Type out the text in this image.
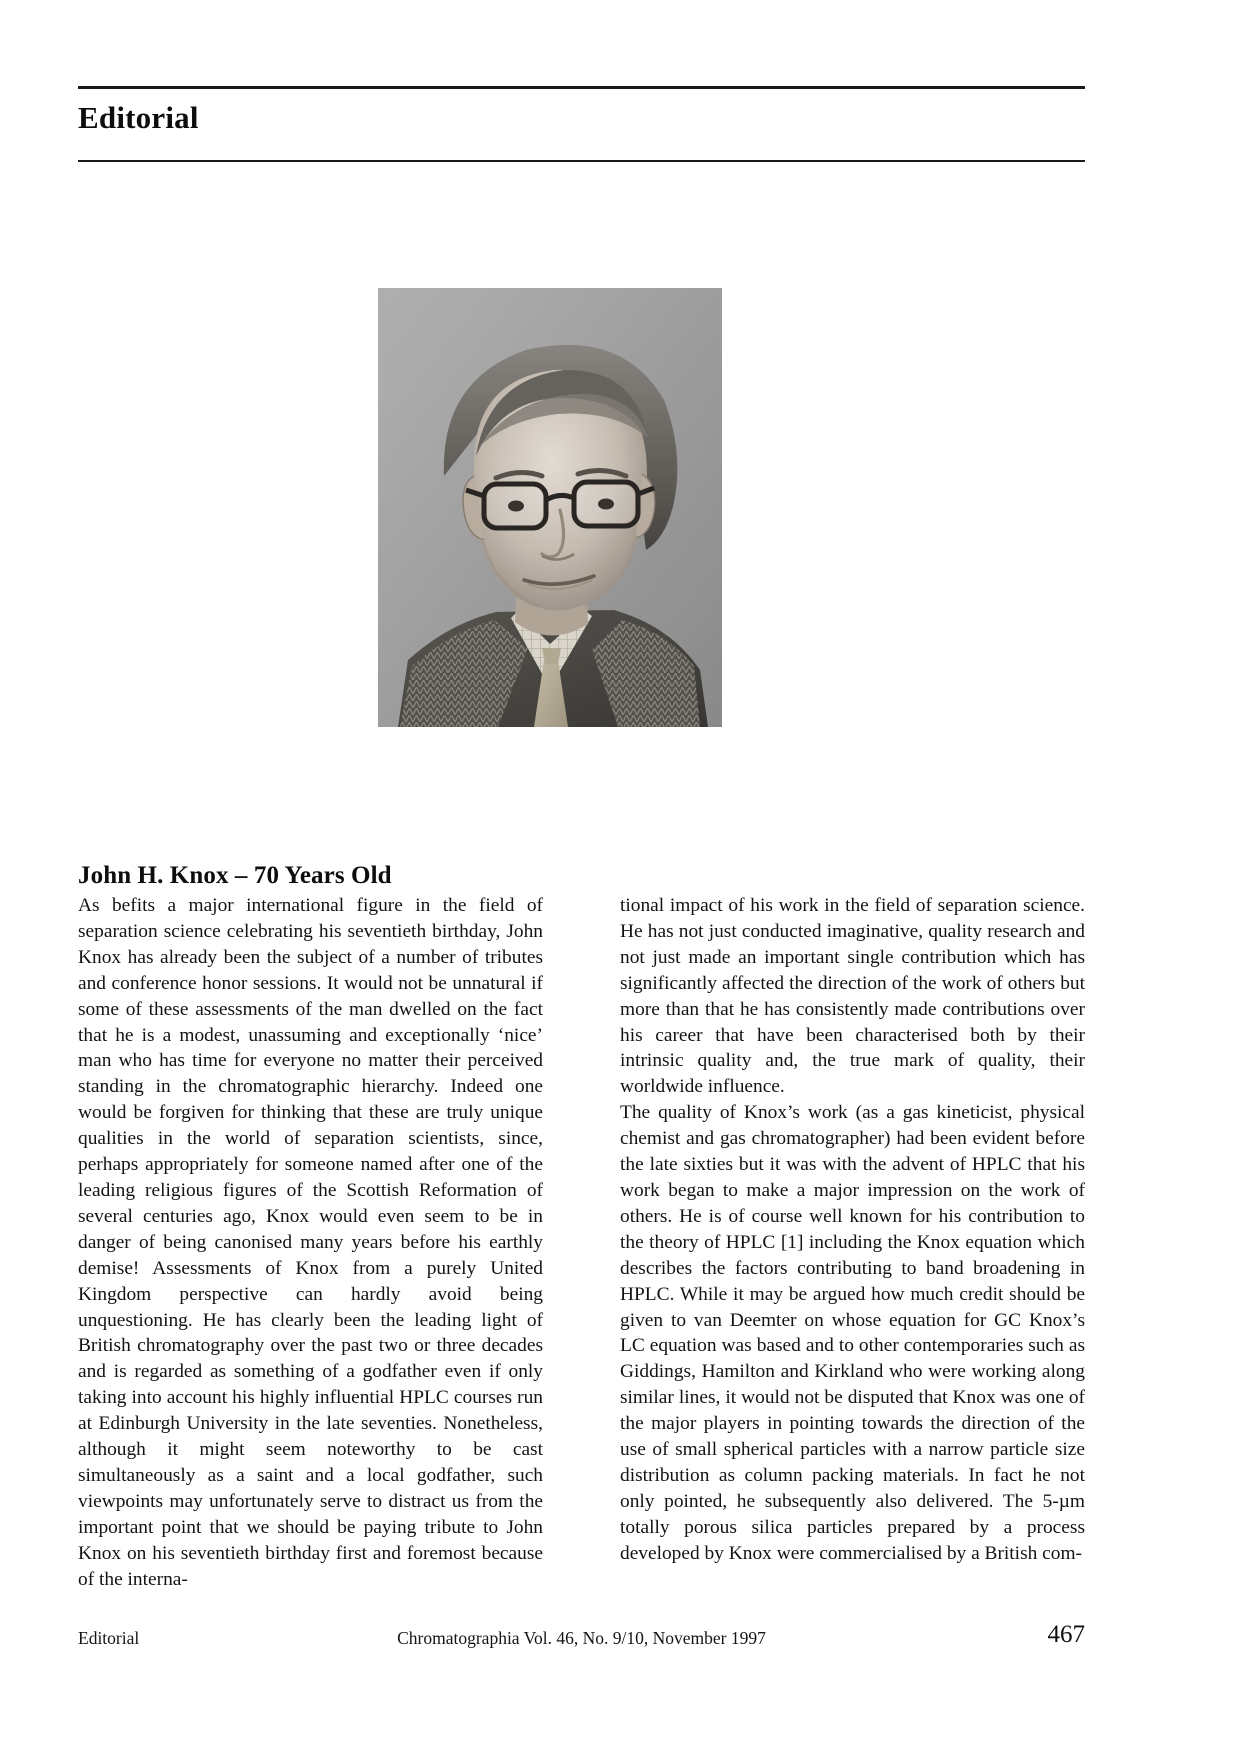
Editorial
John H. Knox – 70 Years Old

As befits a major international figure in the field of separation science celebrating his seventieth birthday, John Knox has already been the subject of a number of tributes and conference honor sessions. It would not be unnatural if some of these assessments of the man dwelled on the fact that he is a modest, unassuming and exceptionally ‘nice’ man who has time for everyone no matter their perceived standing in the chromatographic hierarchy. Indeed one would be forgiven for thinking that these are truly unique qualities in the world of separation scientists, since, perhaps appropriately for someone named after one of the leading religious figures of the Scottish Reformation of several centuries ago, Knox would even seem to be in danger of being canonised many years before his earthly demise! Assessments of Knox from a purely United Kingdom perspective can hardly avoid being unquestioning. He has clearly been the leading light of British chromatography over the past two or three decades and is regarded as something of a godfather even if only taking into account his highly influential HPLC courses run at Edinburgh University in the late seventies. Nonetheless, although it might seem noteworthy to be cast simultaneously as a saint and a local godfather, such viewpoints may unfortunately serve to distract us from the important point that we should be paying tribute to John Knox on his seventieth birthday first and foremost because of the interna-

tional impact of his work in the field of separation science. He has not just conducted imaginative, quality research and not just made an important single contribution which has significantly affected the direction of the work of others but more than that he has consistently made contributions over his career that have been characterised both by their intrinsic quality and, the true mark of quality, their worldwide influence.

The quality of Knox’s work (as a gas kineticist, physical chemist and gas chromatographer) had been evident before the late sixties but it was with the advent of HPLC that his work began to make a major impression on the work of others. He is of course well known for his contribution to the theory of HPLC [1] including the Knox equation which describes the factors contributing to band broadening in HPLC. While it may be argued how much credit should be given to van Deemter on whose equation for GC Knox’s LC equation was based and to other contemporaries such as Giddings, Hamilton and Kirkland who were working along similar lines, it would not be disputed that Knox was one of the major players in pointing towards the direction of the use of small spherical particles with a narrow particle size distribution as column packing materials. In fact he not only pointed, he subsequently also delivered. The 5-µm totally porous silica particles prepared by a process developed by Knox were commercialised by a British com-

Editorial	Chromatographia Vol. 46, No. 9/10, November 1997	467
